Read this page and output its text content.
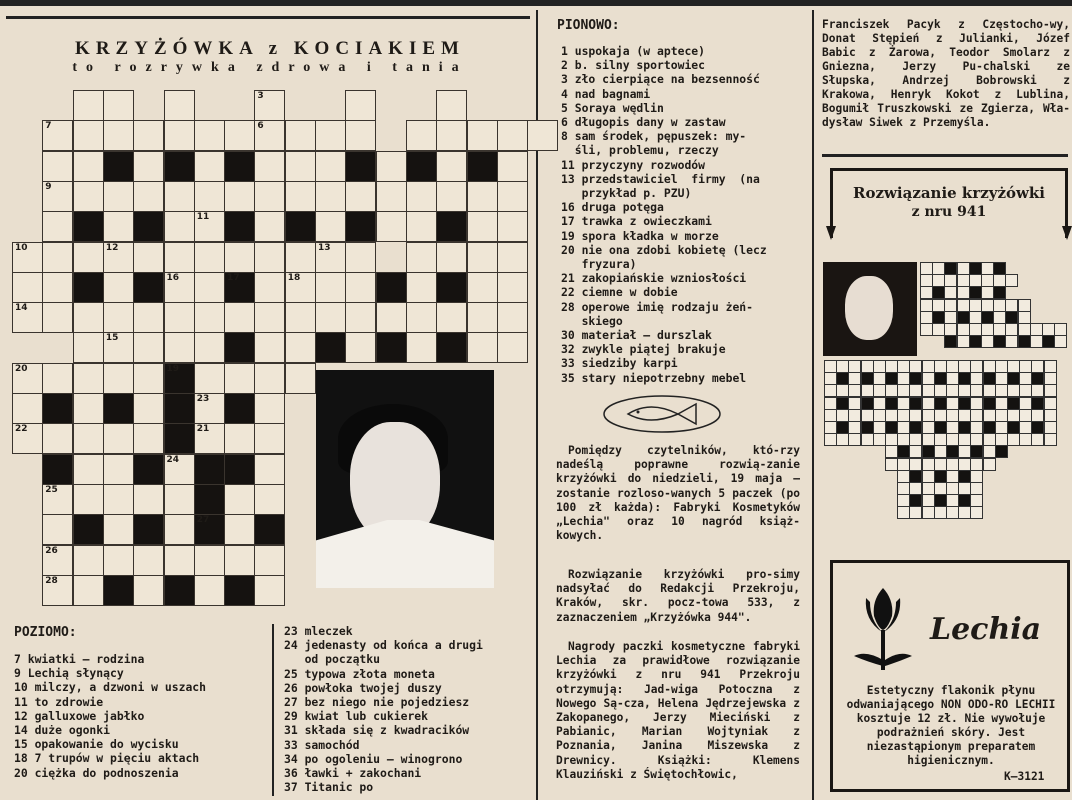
KRZYŻÓWKA z KOCIAKIEM
to rozrywka zdrowa i tania
3
7	6
9
11
10	12	13
16	17	18
14
15
20	19
23
22	21
24
25
27
26
28
POZIOMO:
7 kwiatki — rodzina
9 Lechią słynący
10 milczy, a dzwoni w uszach
11 to zdrowie
12 galluxowe jabłko
14 duże ogonki
15 opakowanie do wycisku
18 7 trupów w pięciu aktach
20 ciężka do podnoszenia
23 mleczek
24 jedenasty od końca a drugi
od początku
25 typowa złota moneta
26 powłoka twojej duszy
27 bez niego nie pojedziesz
29 kwiat lub cukierek
31 składa się z kwadracików
33 samochód
34 po ogoleniu — winogrono
36 ławki + zakochani
37 Titanic po
PIONOWO:
1 uspokaja (w aptece)
2 b. silny sportowiec
3 zło cierpiące na bezsenność
4 nad bagnami
5 Soraya wędlin
6 długopis dany w zastaw
8 sam środek, pępuszek: my-
śli, problemu, rzeczy
11 przyczyny rozwodów
13 przedstawiciel  firmy  (na
przykład p. PZU)
16 druga potęga
17 trawka z owieczkami
19 spora kładka w morze
20 nie ona zdobi kobietę (lecz
fryzura)
21 zakopiańskie wzniosłości
22 ciemne w dobie
28 operowe imię rodzaju żeń-
skiego
30 materiał — durszlak
32 zwykle piątej brakuje
33 siedziby karpi
35 stary niepotrzebny mebel
Pomiędzy czytelników, któ-rzy nadeślą poprawne rozwią-zanie krzyżówki do niedzieli, 19 maja — zostanie rozloso-wanych 5 paczek (po 100 zł każda): Fabryki Kosmetyków „Lechia" oraz 10 nagród książ-kowych.
Rozwiązanie krzyżówki pro-simy nadsyłać do Redakcji Przekroju, Kraków, skr. pocz-towa 533, z zaznaczeniem „Krzyżówka 944".
Nagrody paczki kosmetyczne fabryki Lechia za prawidłowe rozwiązanie krzyżówki z nru 941 Przekroju otrzymują: Jad-wiga Potoczna z Nowego Są-cza, Helena Jędrzejewska z Zakopanego, Jerzy Mieciński z Pabianic, Marian Wojtyniak z Poznania, Janina Miszewska z Drewnicy. Książki: Klemens Klauziński z Świętochłowic,
Franciszek Pacyk z Częstocho-wy, Donat Stępień z Julianki, Józef Babic z Żarowa, Teodor Smolarz z Gniezna, Jerzy Pu-chalski ze Słupska, Andrzej Bobrowski z Krakowa, Henryk Kokot z Lublina, Bogumił Truszkowski ze Zgierza, Wła-dysław Siwek z Przemyśla.
Rozwiązanie krzyżówki
z nru 941
Lechia
Estetyczny flakonik płynu odwaniającego NON ODO-RO LECHII kosztuje 12 zł. Nie wywołuje podrażnień skóry. Jest niezastąpionym preparatem higienicznym.
K—3121
